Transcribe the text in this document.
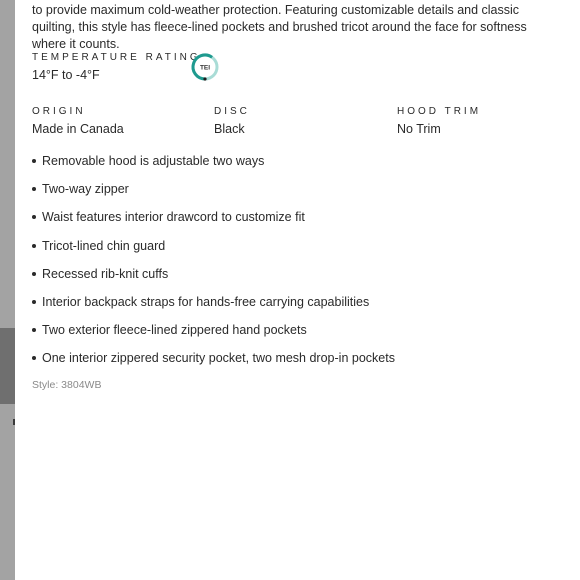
to provide maximum cold-weather protection. Featuring customizable details and classic quilting, this style has fleece-lined pockets and brushed tricot around the face for softness where it counts.

TEMPERATURE RATING
14°F to -4°F	TEI
ORIGIN
Made in Canada
DISC
Black
HOOD TRIM
No Trim
Removable hood is adjustable two ways
Two-way zipper
Waist features interior drawcord to customize fit
Tricot-lined chin guard
Recessed rib-knit cuffs
Interior backpack straps for hands-free carrying capabilities
Two exterior fleece-lined zippered hand pockets
One interior zippered security pocket, two mesh drop-in pockets
Style: 3804WB
